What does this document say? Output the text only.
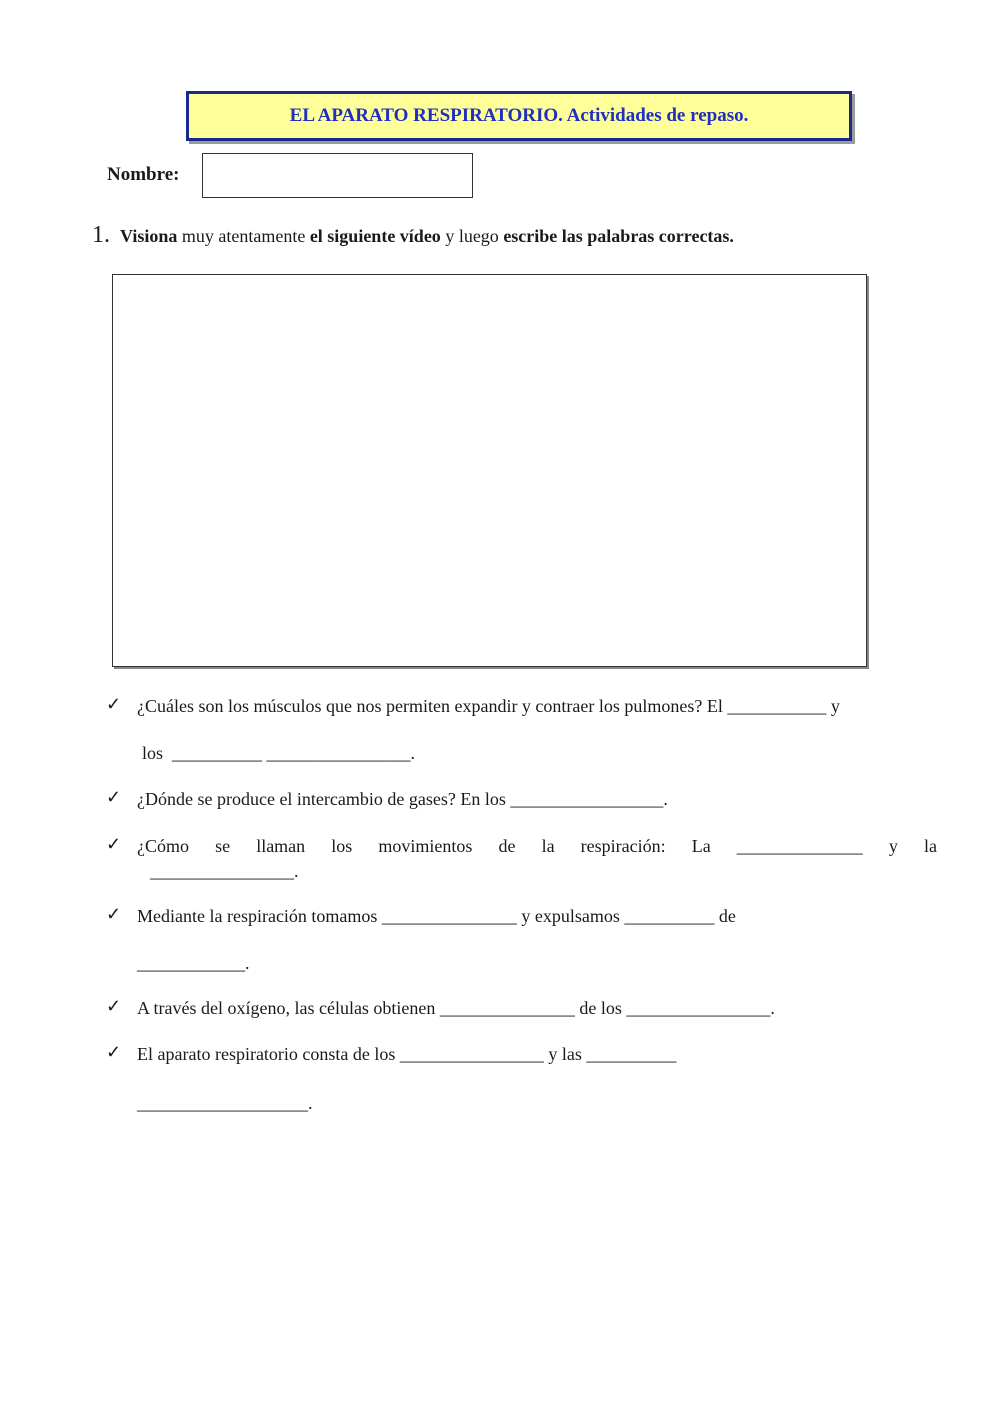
EL APARATO RESPIRATORIO. Actividades de repaso.
Nombre:
1. Visiona muy atentamente el siguiente vídeo y luego escribe las palabras correctas.
✓ ¿Cuáles son los músculos que nos permiten expandir y contraer los pulmones? El ___________ y
los  __________ ________________.
✓ ¿Dónde se produce el intercambio de gases? En los _________________.
✓ ¿Cómo se llaman los movimientos de la respiración: La ______________ y la
________________.
✓ Mediante la respiración tomamos _______________ y expulsamos __________ de
____________.
✓ A través del oxígeno, las células obtienen _______________ de los ________________.
✓ El aparato respiratorio consta de los ________________ y las __________
___________________.
